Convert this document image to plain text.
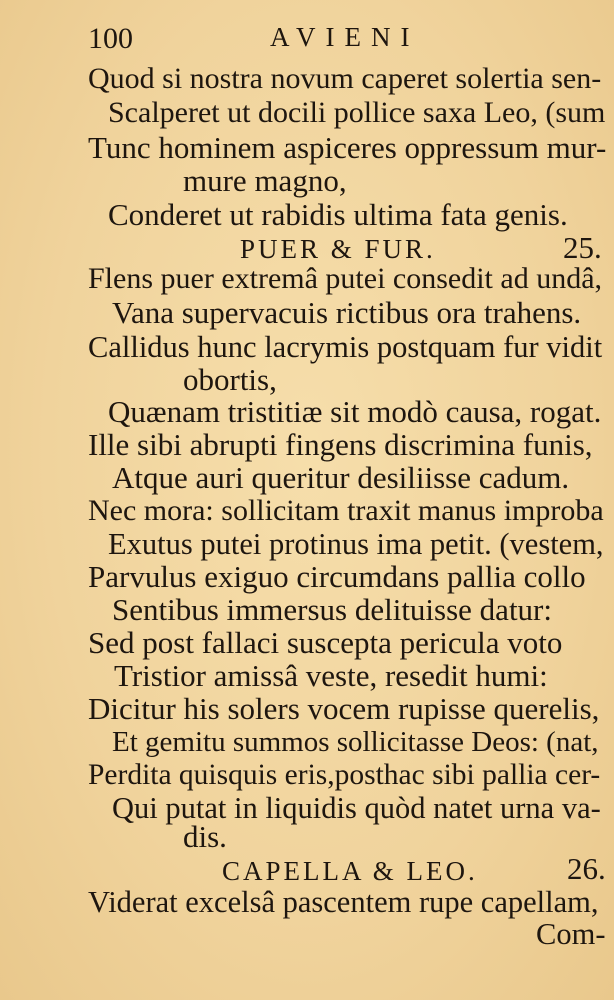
100	AVIENI
Quod si nostra novum caperet solertia sen-
Scalperet ut docili pollice saxa Leo, (sum
Tunc hominem aspiceres oppressum mur-
mure magno,
Conderet ut rabidis ultima fata genis.
PUER & FUR.	25.
Flens puer extremâ putei consedit ad undâ,
Vana supervacuis rictibus ora trahens.
Callidus hunc lacrymis postquam fur vidit
obortis,
Quænam tristitiæ sit modò causa, rogat.
Ille sibi abrupti fingens discrimina funis,
Atque auri queritur desiliisse cadum.
Nec mora: sollicitam traxit manus improba
Exutus putei protinus ima petit. (vestem,
Parvulus exiguo circumdans pallia collo
Sentibus immersus delituisse datur:
Sed post fallaci suscepta pericula voto
Tristior amissâ veste, resedit humi:
Dicitur his solers vocem rupisse querelis,
Et gemitu summos sollicitasse Deos: (nat,
Perdita quisquis eris,posthac sibi pallia cer-
Qui putat in liquidis quòd natet urna va-
dis.
CAPELLA & LEO.	26.
Viderat excelsâ pascentem rupe capellam,
Com-
